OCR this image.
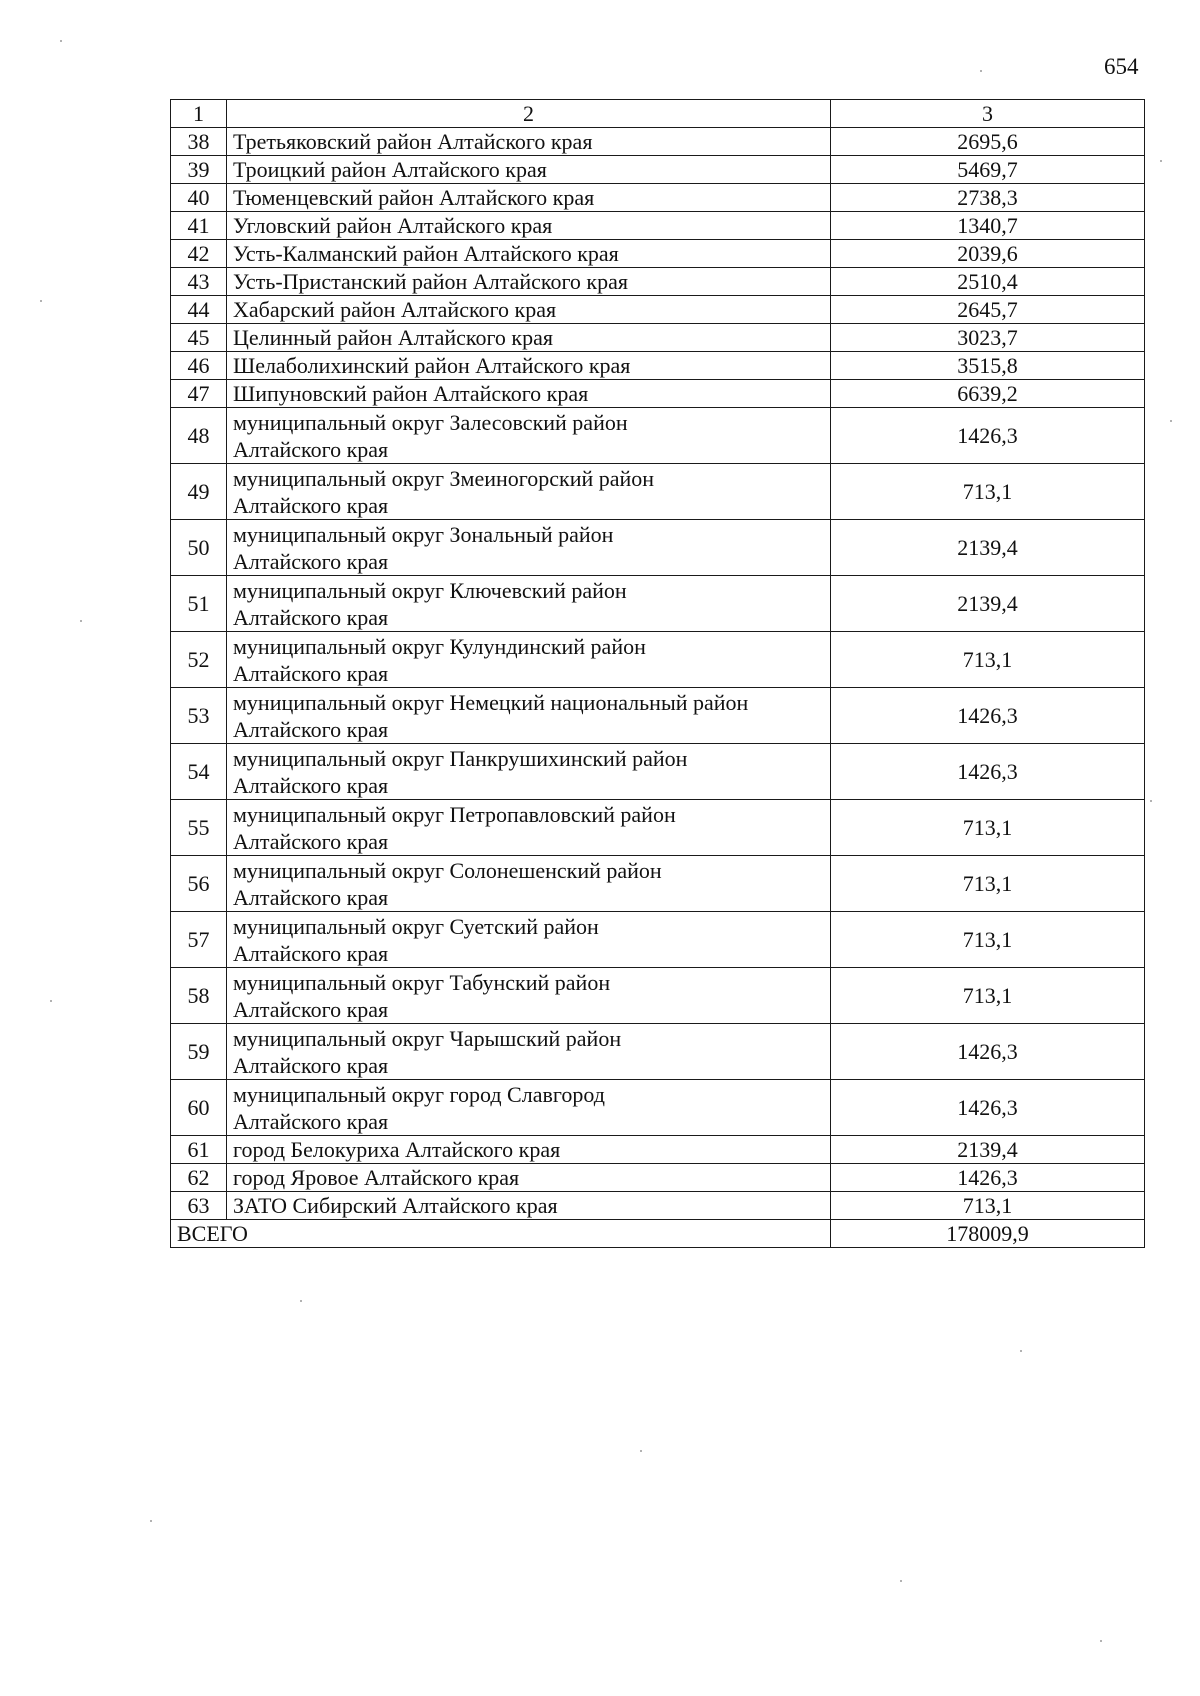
654
1	2	3
38	Третьяковский район Алтайского края	2695,6
39	Троицкий район Алтайского края	5469,7
40	Тюменцевский район Алтайского края	2738,3
41	Угловский район Алтайского края	1340,7
42	Усть-Калманский район Алтайского края	2039,6
43	Усть-Пристанский район Алтайского края	2510,4
44	Хабарский район Алтайского края	2645,7
45	Целинный район Алтайского края	3023,7
46	Шелаболихинский район Алтайского края	3515,8
47	Шипуновский район Алтайского края	6639,2
48	муниципальный округ Залесовский район
Алтайского края	1426,3
49	муниципальный округ Змеиногорский район
Алтайского края	713,1
50	муниципальный округ Зональный район
Алтайского края	2139,4
51	муниципальный округ Ключевский район
Алтайского края	2139,4
52	муниципальный округ Кулундинский район
Алтайского края	713,1
53	муниципальный округ Немецкий национальный район
Алтайского края	1426,3
54	муниципальный округ Панкрушихинский район
Алтайского края	1426,3
55	муниципальный округ Петропавловский район
Алтайского края	713,1
56	муниципальный округ Солонешенский район
Алтайского края	713,1
57	муниципальный округ Суетский район
Алтайского края	713,1
58	муниципальный округ Табунский район
Алтайского края	713,1
59	муниципальный округ Чарышский район
Алтайского края	1426,3
60	муниципальный округ город Славгород
Алтайского края	1426,3
61	город Белокуриха Алтайского края	2139,4
62	город Яровое Алтайского края	1426,3
63	ЗАТО Сибирский Алтайского края	713,1
ВСЕГО		178009,9
